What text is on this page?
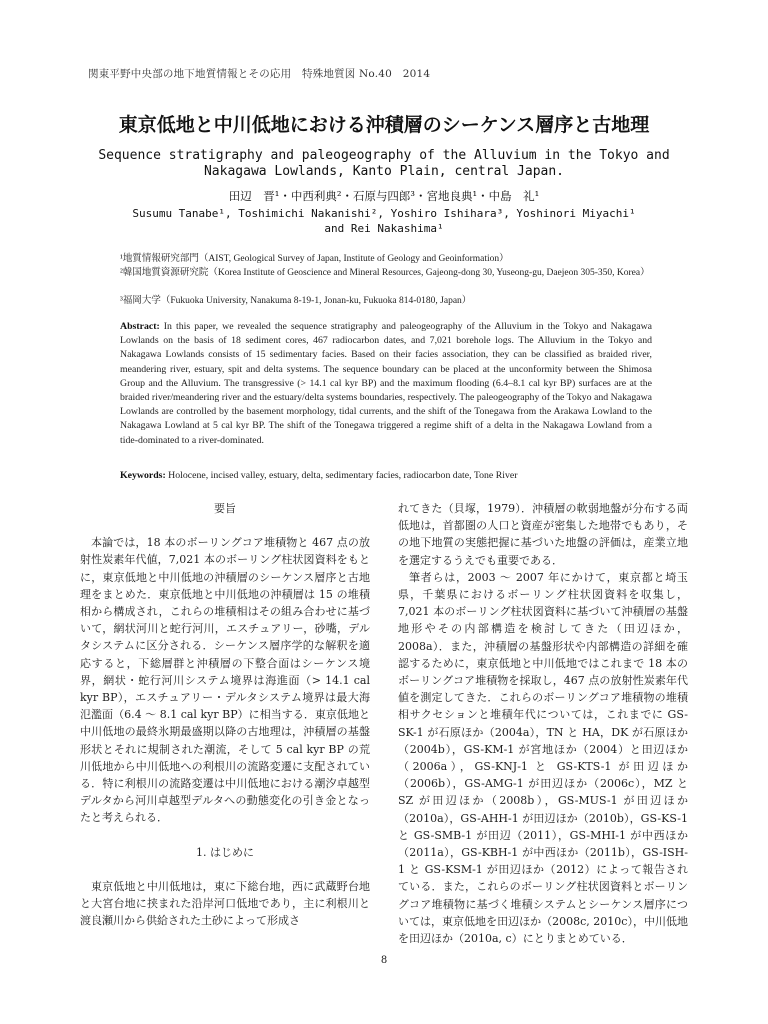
関東平野中央部の地下地質情報とその応用　特殊地質図 No.40　2014
東京低地と中川低地における沖積層のシーケンス層序と古地理
Sequence stratigraphy and paleogeography of the Alluvium in the Tokyo and
Nakagawa Lowlands, Kanto Plain, central Japan.
田辺　晋¹・中西利典²・石原与四郎³・宮地良典¹・中島　礼¹
Susumu Tanabe¹, Toshimichi Nakanishi², Yoshiro Ishihara³, Yoshinori Miyachi¹
and Rei Nakashima¹
¹地質情報研究部門（AIST, Geological Survey of Japan, Institute of Geology and Geoinformation）
²韓国地質資源研究院（Korea Institute of Geoscience and Mineral Resources, Gajeong-dong 30, Yuseong-gu, Daejeon 305-350, Korea）
³福岡大学（Fukuoka University, Nanakuma 8-19-1, Jonan-ku, Fukuoka 814-0180, Japan）
Abstract: In this paper, we revealed the sequence stratigraphy and paleogeography of the Alluvium in the Tokyo and Nakagawa Lowlands on the basis of 18 sediment cores, 467 radiocarbon dates, and 7,021 borehole logs. The Alluvium in the Tokyo and Nakagawa Lowlands consists of 15 sedimentary facies. Based on their facies association, they can be classified as braided river, meandering river, estuary, spit and delta systems. The sequence boundary can be placed at the unconformity between the Shimosa Group and the Alluvium. The transgressive (> 14.1 cal kyr BP) and the maximum flooding (6.4–8.1 cal kyr BP) surfaces are at the braided river/meandering river and the estuary/delta systems boundaries, respectively. The paleogeography of the Tokyo and Nakagawa Lowlands are controlled by the basement morphology, tidal currents, and the shift of the Tonegawa from the Arakawa Lowland to the Nakagawa Lowland at 5 cal kyr BP. The shift of the Tonegawa triggered a regime shift of a delta in the Nakagawa Lowland from a tide-dominated to a river-dominated.
Keywords: Holocene, incised valley, estuary, delta, sedimentary facies, radiocarbon date, Tone River
要旨

本論では，18 本のボーリングコア堆積物と 467 点の放射性炭素年代値，7,021 本のボーリング柱状図資料をもとに，東京低地と中川低地の沖積層のシーケンス層序と古地理をまとめた．東京低地と中川低地の沖積層は 15 の堆積相から構成され，これらの堆積相はその組み合わせに基づいて，網状河川と蛇行河川，エスチュアリー，砂嘴，デルタシステムに区分される．シーケンス層序学的な解釈を適応すると，下総層群と沖積層の下整合面はシーケンス境界，網状・蛇行河川システム境界は海進面（> 14.1 cal kyr BP），エスチュアリー・デルタシステム境界は最大海氾濫面（6.4 ～ 8.1 cal kyr BP）に相当する．東京低地と中川低地の最終氷期最盛期以降の古地理は，沖積層の基盤形状とそれに規制された潮流，そして 5 cal kyr BP の荒川低地から中川低地への利根川の流路変遷に支配されている．特に利根川の流路変遷は中川低地における潮汐卓越型デルタから河川卓越型デルタへの動態変化の引き金となったと考えられる．

1. はじめに

東京低地と中川低地は，東に下総台地，西に武蔵野台地と大宮台地に挟まれた沿岸河口低地であり，主に利根川と渡良瀬川から供給された土砂によって形成さ

れてきた（貝塚，1979）．沖積層の軟弱地盤が分布する両低地は，首都圏の人口と資産が密集した地帯でもあり，その地下地質の実態把握に基づいた地盤の評価は，産業立地を選定するうえでも重要である．

筆者らは，2003 ～ 2007 年にかけて，東京都と埼玉県，千葉県におけるボーリング柱状図資料を収集し，7,021 本のボーリング柱状図資料に基づいて沖積層の基盤地形やその内部構造を検討してきた（田辺ほか，2008a）．また，沖積層の基盤形状や内部構造の詳細を確認するために，東京低地と中川低地ではこれまで 18 本のボーリングコア堆積物を採取し，467 点の放射性炭素年代値を測定してきた．これらのボーリングコア堆積物の堆積相サクセションと堆積年代については，これまでに GS-SK-1 が石原ほか（2004a），TN と HA，DK が石原ほか（2004b），GS-KM-1 が宮地ほか（2004）と田辺ほか（2006a），GS-KNJ-1 と GS-KTS-1 が田辺ほか（2006b），GS-AMG-1 が田辺ほか（2006c），MZ と SZ が田辺ほか（2008b），GS-MUS-1 が田辺ほか（2010a），GS-AHH-1 が田辺ほか（2010b），GS-KS-1 と GS-SMB-1 が田辺（2011），GS-MHI-1 が中西ほか（2011a），GS-KBH-1 が中西ほか（2011b），GS-ISH-1 と GS-KSM-1 が田辺ほか（2012）によって報告されている．また，これらのボーリング柱状図資料とボーリングコア堆積物に基づく堆積システムとシーケンス層序については，東京低地を田辺ほか（2008c, 2010c），中川低地を田辺ほか（2010a, c）にとりまとめている．

8
